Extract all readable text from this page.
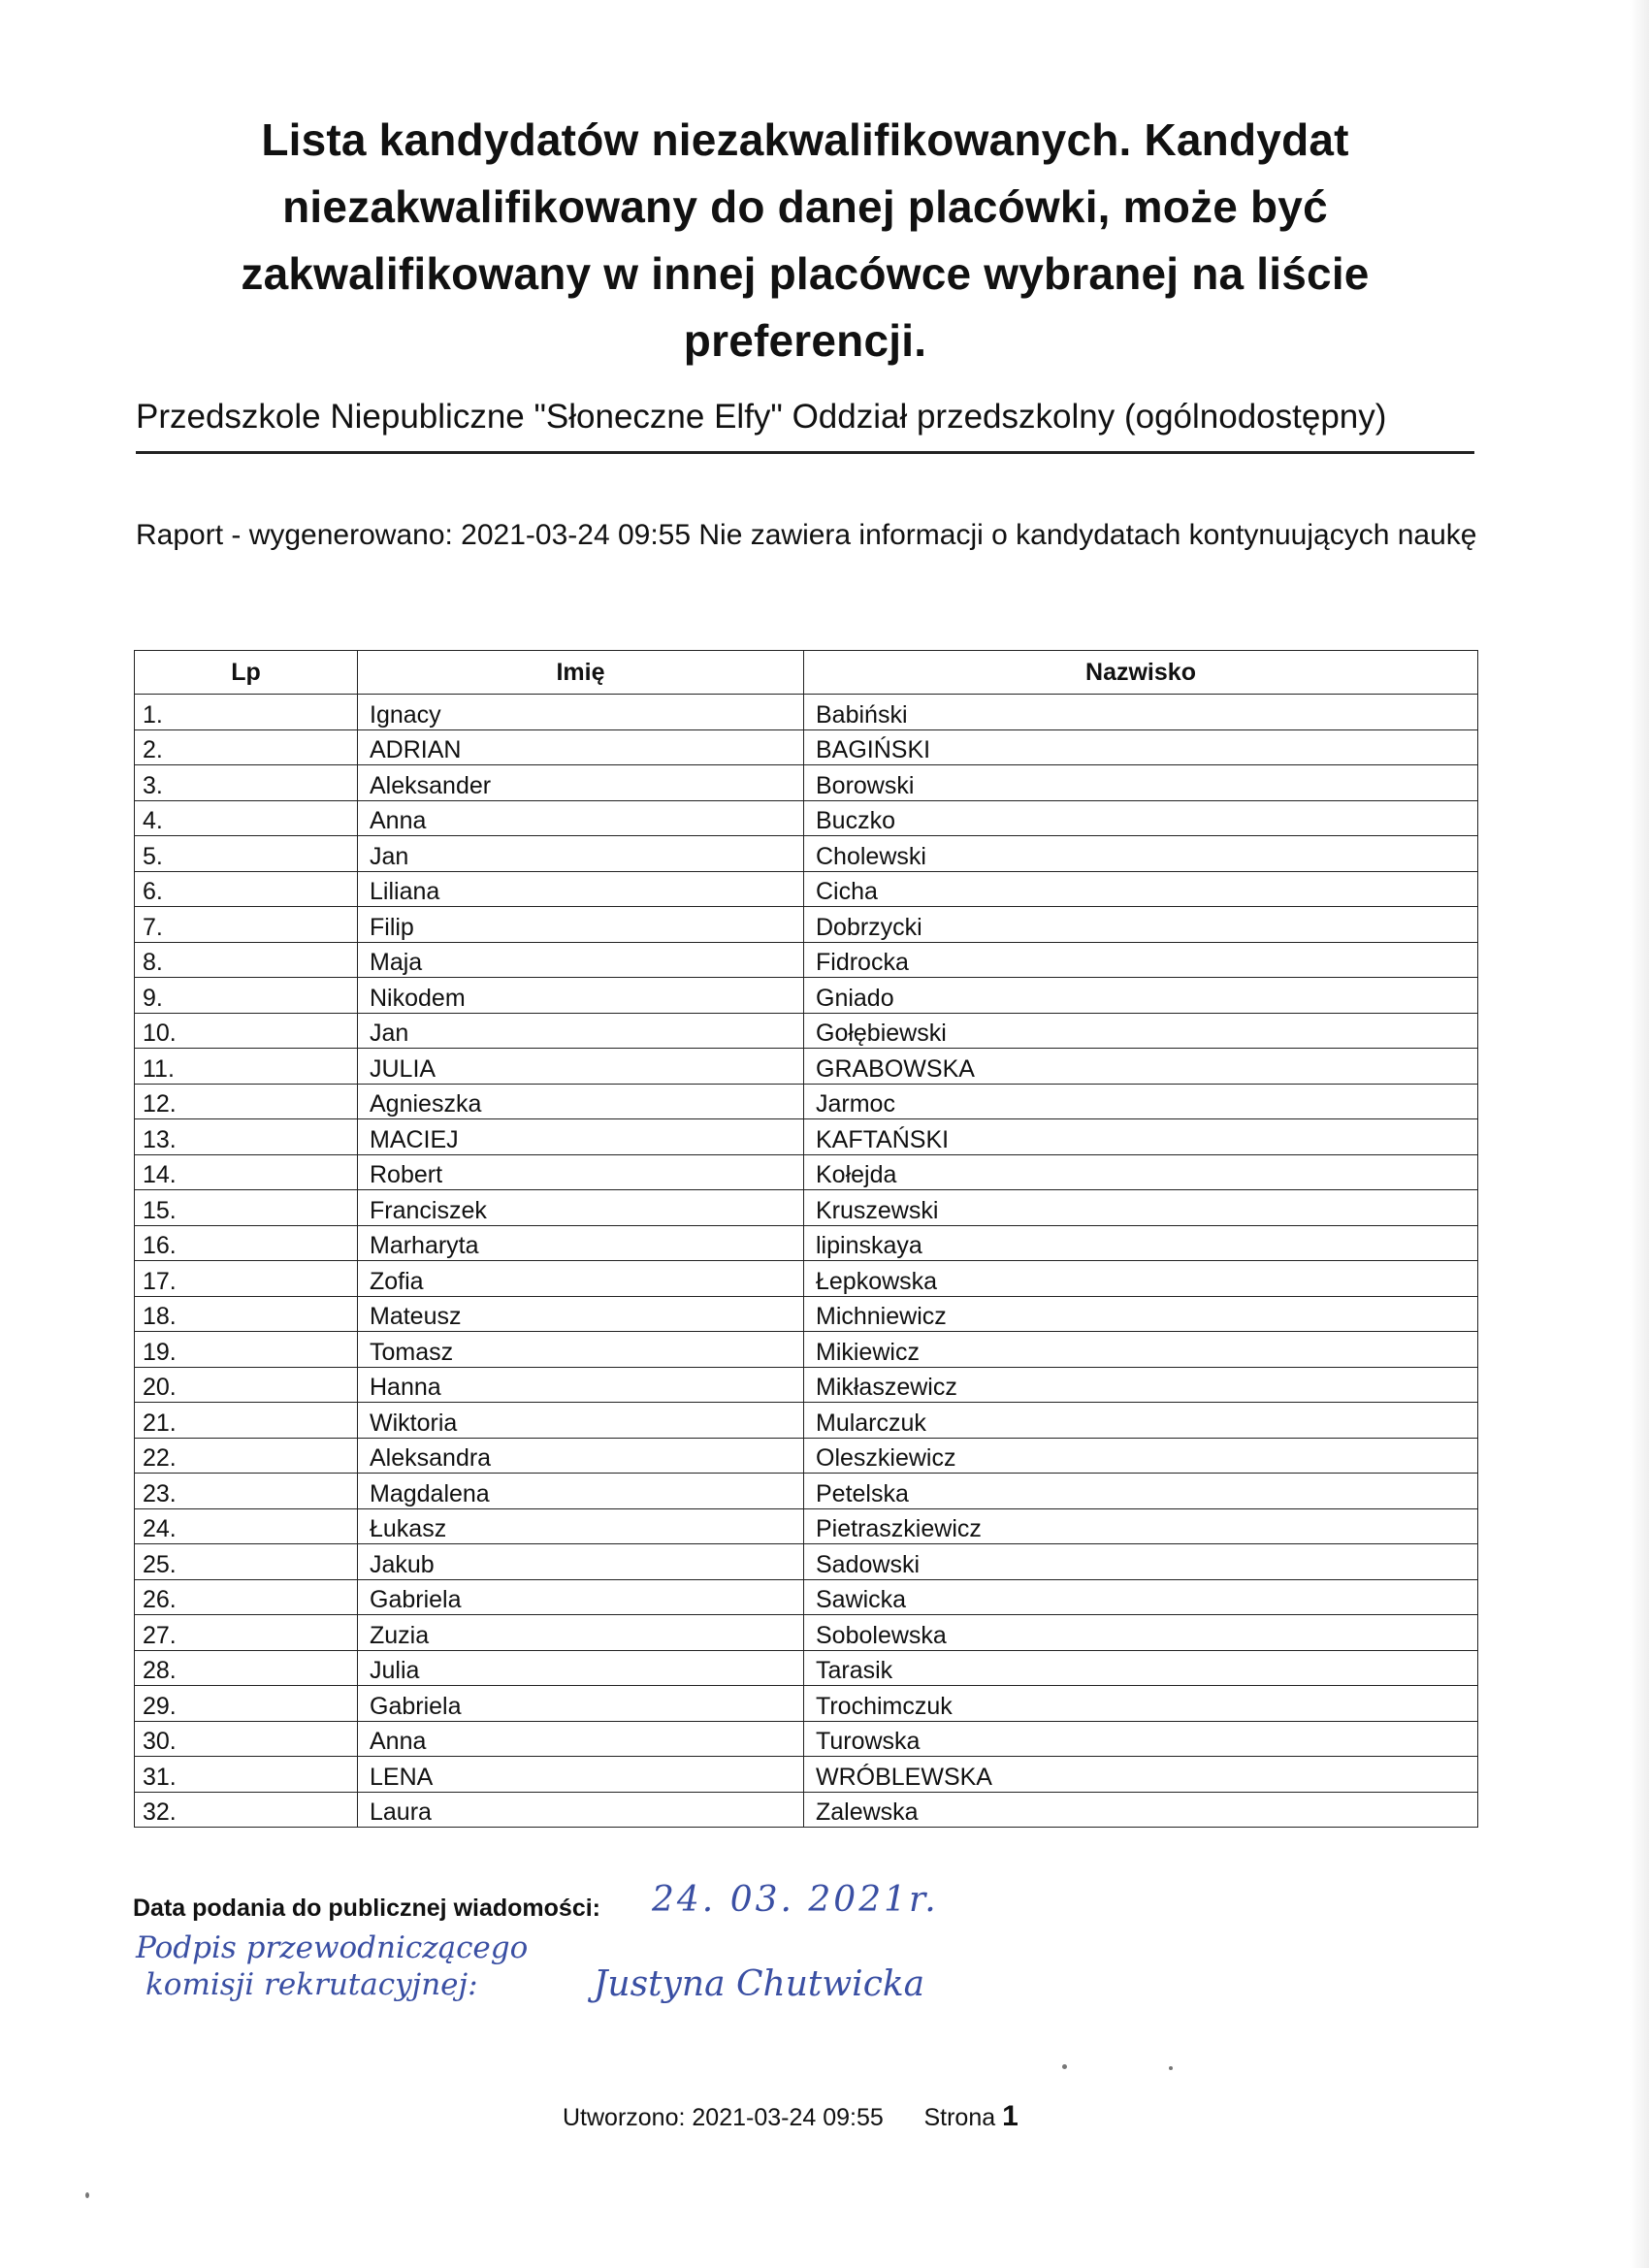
Lista kandydatów niezakwalifikowanych. Kandydat niezakwalifikowany do danej placówki, może być zakwalifikowany w innej placówce wybranej na liście preferencji.
Przedszkole Niepubliczne "Słoneczne Elfy" Oddział przedszkolny (ogólnodostępny)
Raport - wygenerowano: 2021-03-24 09:55 Nie zawiera informacji o kandydatach kontynuujących naukę
Lp	Imię	Nazwisko
1.	Ignacy	Babiński
2.	ADRIAN	BAGIŃSKI
3.	Aleksander	Borowski
4.	Anna	Buczko
5.	Jan	Cholewski
6.	Liliana	Cicha
7.	Filip	Dobrzycki
8.	Maja	Fidrocka
9.	Nikodem	Gniado
10.	Jan	Gołębiewski
11.	JULIA	GRABOWSKA
12.	Agnieszka	Jarmoc
13.	MACIEJ	KAFTAŃSKI
14.	Robert	Kołejda
15.	Franciszek	Kruszewski
16.	Marharyta	lipinskaya
17.	Zofia	Łepkowska
18.	Mateusz	Michniewicz
19.	Tomasz	Mikiewicz
20.	Hanna	Mikłaszewicz
21.	Wiktoria	Mularczuk
22.	Aleksandra	Oleszkiewicz
23.	Magdalena	Petelska
24.	Łukasz	Pietraszkiewicz
25.	Jakub	Sadowski
26.	Gabriela	Sawicka
27.	Zuzia	Sobolewska
28.	Julia	Tarasik
29.	Gabriela	Trochimczuk
30.	Anna	Turowska
31.	LENA	WRÓBLEWSKA
32.	Laura	Zalewska
Data podania do publicznej wiadomości: 24. 03. 2021r.
Podpis przewodniczącego
komisji rekrutacyjnej:	Justyna Chutwicka
Utworzono: 2021-03-24 09:55 Strona 1
